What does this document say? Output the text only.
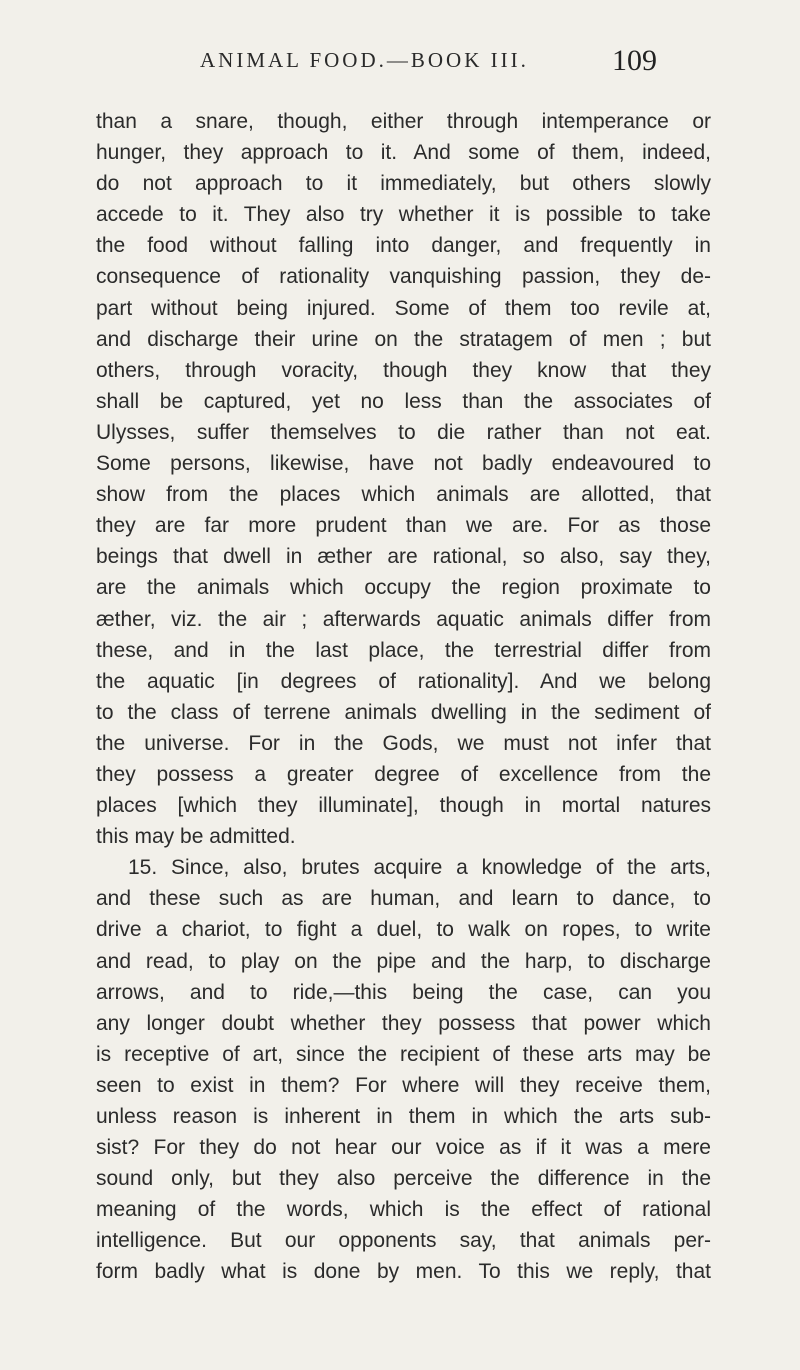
ANIMAL FOOD.—BOOK III.	109
than a snare, though, either through intemperance or
hunger, they approach to it. And some of them, indeed,
do not approach to it immediately, but others slowly
accede to it. They also try whether it is possible to take
the food without falling into danger, and frequently in
consequence of rationality vanquishing passion, they de-
part without being injured. Some of them too revile at,
and discharge their urine on the stratagem of men ; but
others, through voracity, though they know that they
shall be captured, yet no less than the associates of
Ulysses, suffer themselves to die rather than not eat.
Some persons, likewise, have not badly endeavoured to
show from the places which animals are allotted, that
they are far more prudent than we are. For as those
beings that dwell in æther are rational, so also, say they,
are the animals which occupy the region proximate to
æther, viz. the air ; afterwards aquatic animals differ from
these, and in the last place, the terrestrial differ from
the aquatic [in degrees of rationality]. And we belong
to the class of terrene animals dwelling in the sediment of
the universe. For in the Gods, we must not infer that
they possess a greater degree of excellence from the
places [which they illuminate], though in mortal natures
this may be admitted.
15. Since, also, brutes acquire a knowledge of the arts,
and these such as are human, and learn to dance, to
drive a chariot, to fight a duel, to walk on ropes, to write
and read, to play on the pipe and the harp, to discharge
arrows, and to ride,—this being the case, can you
any longer doubt whether they possess that power which
is receptive of art, since the recipient of these arts may be
seen to exist in them? For where will they receive them,
unless reason is inherent in them in which the arts sub-
sist? For they do not hear our voice as if it was a mere
sound only, but they also perceive the difference in the
meaning of the words, which is the effect of rational
intelligence. But our opponents say, that animals per-
form badly what is done by men. To this we reply, that
